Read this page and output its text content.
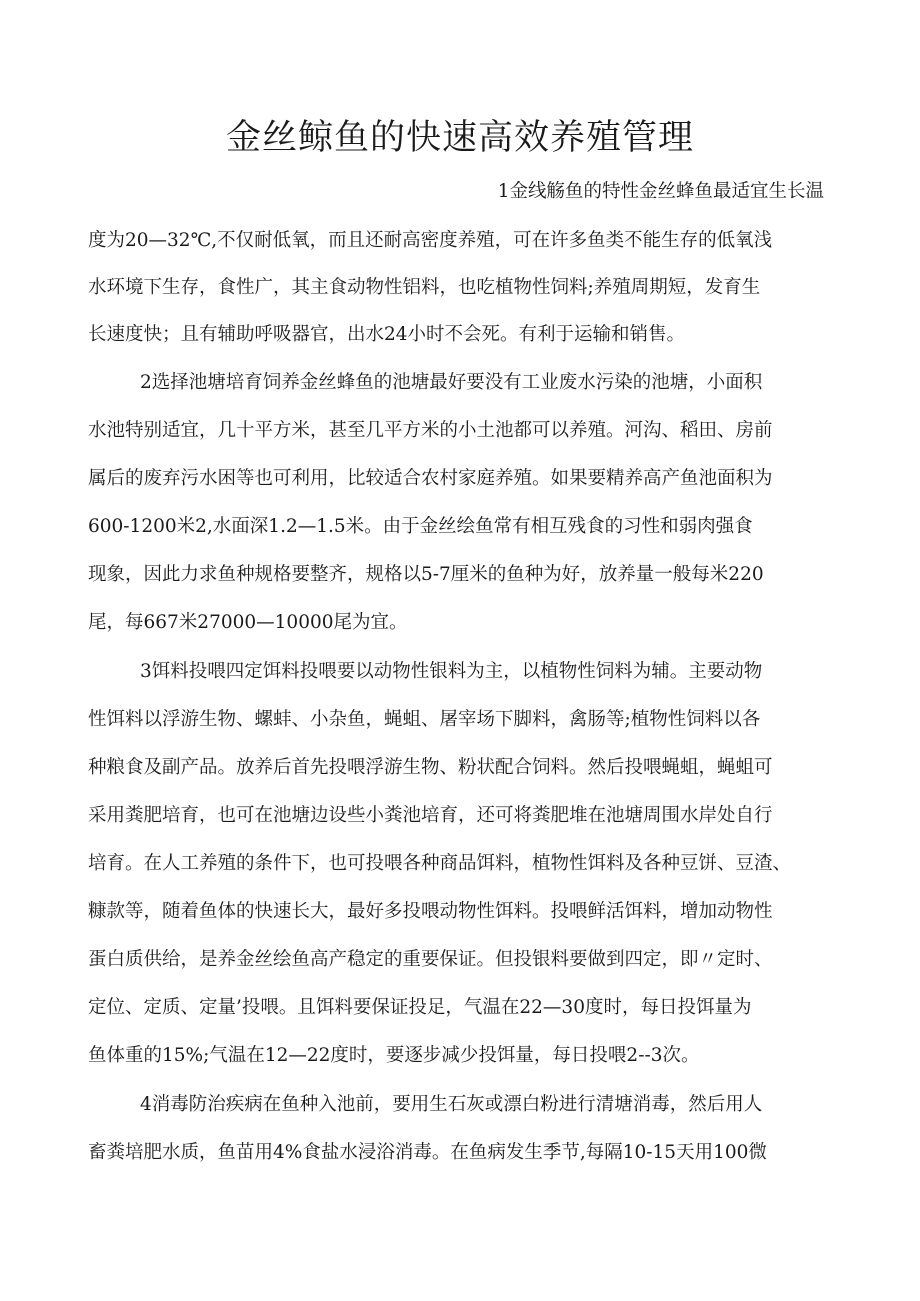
金丝鲸鱼的快速高效养殖管理

1金线觞鱼的特性金丝蜂鱼最适宜生长温

度为20—32℃,不仅耐低氧，而且还耐高密度养殖，可在许多鱼类不能生存的低氧浅

水环境下生存，食性广，其主食动物性铝料，也吃植物性饲料;养殖周期短，发育生

长速度快；且有辅助呼吸器官，出水24小时不会死。有利于运输和销售。

2选择池塘培育饲养金丝蜂鱼的池塘最好要没有工业废水污染的池塘，小面积

水池特别适宜，几十平方米，甚至几平方米的小土池都可以养殖。河沟、稻田、房前

属后的废弃污水困等也可利用，比较适合农村家庭养殖。如果要精养高产鱼池面积为

600-1200米2,水面深1.2—1.5米。由于金丝绘鱼常有相互残食的习性和弱肉强食

现象，因此力求鱼种规格要整齐，规格以5-7厘米的鱼种为好，放养量一般每米220

尾，每667米27000—10000尾为宜。

3饵料投喂四定饵料投喂要以动物性银料为主，以植物性饲料为辅。主要动物

性饵料以浮游生物、螺蚌、小杂鱼，蝇蛆、屠宰场下脚料，禽肠等;植物性饲料以各

种粮食及副产品。放养后首先投喂浮游生物、粉状配合饲料。然后投喂蝇蛆，蝇蛆可

采用粪肥培育，也可在池塘边设些小粪池培育，还可将粪肥堆在池塘周围水岸处自行

培育。在人工养殖的条件下，也可投喂各种商品饵料，植物性饵料及各种豆饼、豆渣、

糠款等，随着鱼体的快速长大，最好多投喂动物性饵料。投喂鲜活饵料，增加动物性

蛋白质供给，是养金丝绘鱼高产稳定的重要保证。但投银料要做到四定，即〃定时、

定位、定质、定量’投喂。且饵料要保证投足，气温在22—30度时，每日投饵量为

鱼体重的15%;气温在12—22度时，要逐步减少投饵量，每日投喂2--3次。

4消毒防治疾病在鱼种入池前，要用生石灰或漂白粉进行清塘消毒，然后用人

畜粪培肥水质，鱼苗用4%食盐水浸浴消毒。在鱼病发生季节,每隔10-15天用100微
